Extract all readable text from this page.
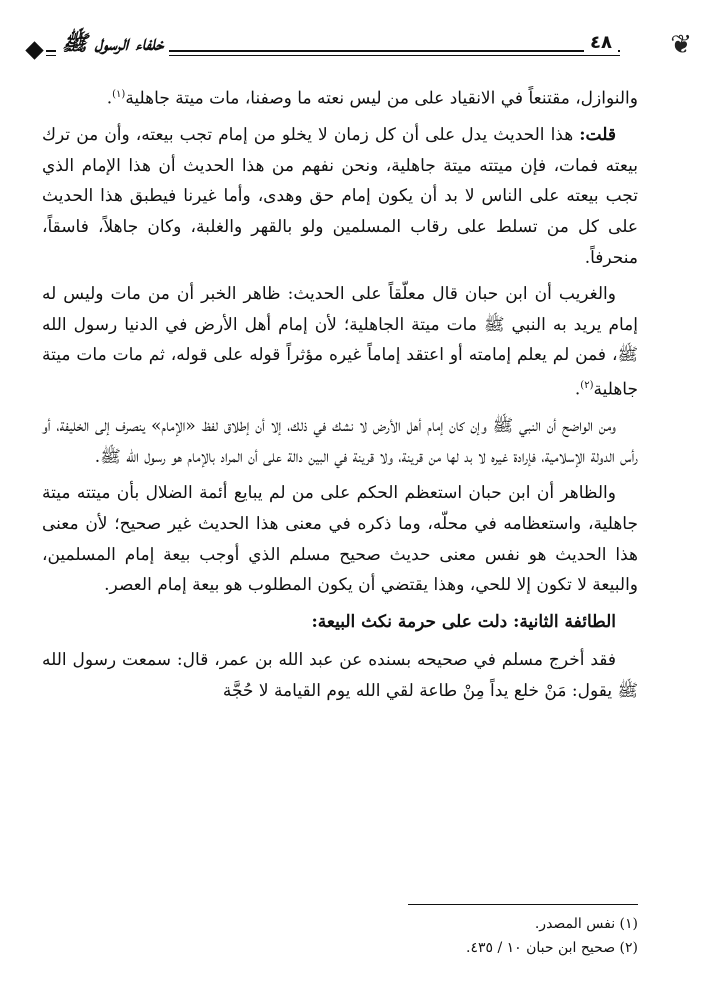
خلفاء الرسول ﷺ	٤٨ ❦

والنوازل، مقتنعاً في الانقياد على من ليس نعته ما وصفنا، مات ميتة جاهلية$^{(١)}$.

قلت: هذا الحديث يدل على أن كل زمان لا يخلو من إمام تجب بيعته، وأن من ترك بيعته فمات، فإن ميتته ميتة جاهلية، ونحن نفهم من هذا الحديث أن هذا الإمام الذي تجب بيعته على الناس لا بد أن يكون إمام حق وهدى، وأما غيرنا فيطبق هذا الحديث على كل من تسلط على رقاب المسلمين ولو بالقهر والغلبة، وكان جاهلاً، فاسقاً، منحرفاً.

والغريب أن ابن حبان قال معلّقاً على الحديث: ظاهر الخبر أن من مات وليس له إمام يريد به النبي ﷺ مات ميتة الجاهلية؛ لأن إمام أهل الأرض في الدنيا رسول الله ﷺ، فمن لم يعلم إمامته أو اعتقد إماماً غيره مؤثراً قوله على قوله، ثم مات مات ميتة جاهلية$^{(٢)}$.

ومن الواضح أن النبي ﷺ وإن كان إمام أهل الأرض لا نشك في ذلك، إلا أن إطلاق لفظ «الإمام» ينصرف إلى الخليفة، أو رأس الدولة الإسلامية، فإرادة غيره لا بد لها من قرينة، ولا قرينة في البين دالة على أن المراد بالإمام هو رسول الله ﷺ.

والظاهر أن ابن حبان استعظم الحكم على من لم يبايع أئمة الضلال بأن ميتته ميتة جاهلية، واستعظامه في محلّه، وما ذكره في معنى هذا الحديث غير صحيح؛ لأن معنى هذا الحديث هو نفس معنى حديث صحيح مسلم الذي أوجب بيعة إمام المسلمين، والبيعة لا تكون إلا للحي، وهذا يقتضي أن يكون المطلوب هو بيعة إمام العصر.

الطائفة الثانية: دلت على حرمة نكث البيعة:

فقد أخرج مسلم في صحيحه بسنده عن عبد الله بن عمر، قال: سمعت رسول الله ﷺ يقول: مَنْ خلع يداً مِنْ طاعة لقي الله يوم القيامة لا حُجَّة

(١) نفس المصدر.
(٢) صحيح ابن حبان ١٠ / ٤٣٥.
